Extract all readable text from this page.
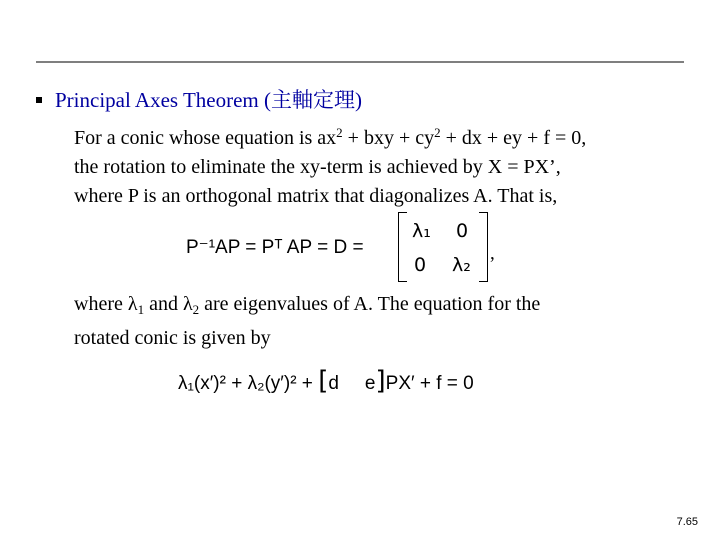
Principal Axes Theorem (主軸定理)
For a conic whose equation is $ax^2$ + bxy + $cy^2$ + dx + ey + f = 0,
the rotation to eliminate the xy-term is achieved by X = PX’,
where P is an orthogonal matrix that diagonalizes A. That is,
P⁻¹AP = Pᵀ AP = D =
λ₁ 0
0 λ₂
,
where $\lambda_1$ and $\lambda_2$ are eigenvalues of A. The equation for the
rotated conic is given by
λ₁(x′)² + λ₂(y′)² + [d e]PX′ + f = 0
7.65
